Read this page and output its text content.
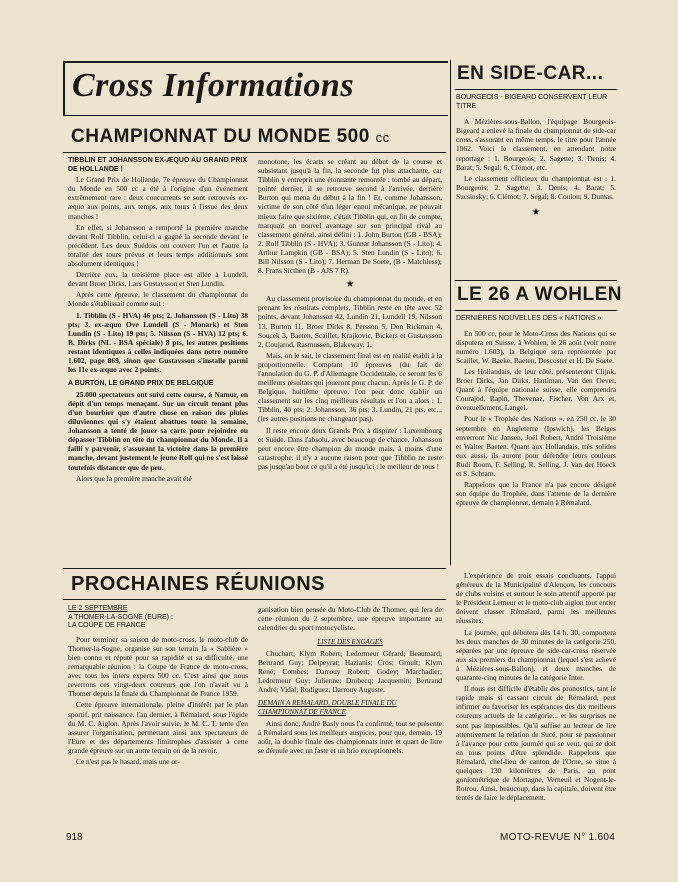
Cross Informations
CHAMPIONNAT DU MONDE 500 cc
TIBBLIN ET JOHANSSON EX-ÆQUO AU GRAND PRIX DE HOLLANDE !

Le Grand Prix de Hollande, 7e épreuve du Championnat du Monde en 500 cc a été à l'origine d'un événement extrêmement rare : deux concurrents se sont retrouvés ex-æquo aux points, aux temps, aux tours à l'issue des deux manches !

En effet, si Johansson a remporté la première manche devant Rolf Tibblin, celui-ci a gagné la seconde devant le précédent. Les deux Suédois ont couvert l'un et l'autre la totalité des tours prévus et leurs temps additionnés sont absolument identiques !

Derrière eux, la troisième place est allée à Lundell, devant Broer Dirks, Lars Gustavsson et Sten Lundin.

Après cette épreuve, le classement du championnat du Monde s'établissait comme suit :

1. Tibblin (S - HVA) 46 pts; 2. Johansson (S - Lito) 38 pts; 3. ex-æquo Ove Lundell (S - Monark) et Sten Lundin (S - Lito) 19 pts; 5. Nilsson (S - HVA) 12 pts; 6. B. Dirks (NL - BSA spéciale) 8 pts, les autres positions restant identiques à celles indiquées dans notre numéro 1.602, page 869, sinon que Gustavsson s'installe parmi les 11e ex-æquo avec 2 points.

A BURTON, LE GRAND PRIX DE BELGIQUE

25.000 spectateurs ont suivi cette course, à Namur, en dépit d'un temps menaçant. Sur un circuit tenant plus d'un bourbier que d'autre chose en raison des pluies diluviennes qui s'y étaient abattues toute la semaine, Johansson a tenté de jouer sa carte pour rejoindre ou dépasser Tibblin en tête du championnat du Monde. Il a failli y parvenir, s'assurant la victoire dans la première manche, devant justement le jeune Rolf qui ne s'est laissé toutefois distancer que de peu.

Alors que la première manche avait été

monotone, les écarts se créant au début de la course et subsistant jusqu'à la fin, la seconde fut plus attachante, car Tibblin y entreprit une étonnante remontée : tombé au départ, pointé dernier, il se retrouve second à l'arrivée, derrière Burton qui mena du début à la fin ! Et, comme Johansson, victime de son côté d'un léger ennui mécanique, ne pouvait mieux faire que sixième, c'était Tibblin qui, en fin de compte, marquait un nouvel avantage sur son principal rival au classement général, ainsi défini : 1. John Burton (GB - BSA); 2. Rolf Tibblin (S - HVA); 3. Gunnar Johansson (S - Lito); 4. Arthur Lampkin (GB - BSA); 5. Sten Lundin (S - Lito); 6. Bill Nilsson (S - Lito); 7. Herman De Soete, (B - Matchless); 8. Frans Sicthen (B - AJS 7 R).

★

Au classement provisoire du championnat du monde, et en prenant les résultats complets, Tibblin reste en tête avec 52 points, devant Johansson 42, Lundin 21, Lundell 19, Nilsson 13, Burton 11, Broer Dirks 8, Persson 5, Don Rickman 4, Soucek 3, Baeten, Scaillet, Krajkovic, Bickers et Gustavsson 2, Coujarod, Rasmussen, Blakeway, 1.

Mais, on le sait, le classement final est en réalité établi à la proportionnelle. Comptant 10 épreuves (du fait de l'annulation du G. P. d'Allemagne Occidentale, ce seront les 6 meilleurs résultats qui joueront pour chacun. Après le G. P. de Belgique, huitième épreuve, l'on peut donc établir un classement sur les cinq meilleurs résultats et l'on a alors : 1. Tibblin, 40 pts; 2. Johansson, 36 pts; 3. Lundin, 21 pts, etc... (les autres positions ne changeant pas).

Il reste encore deux Grands Prix à disputer : Luxembourg et Suède. Dans l'absolu, avec beaucoup de chance, Johansson peut encore être champion du monde mais, à moins d'une catastrophe, il n'y a aucune raison pour que Tibblin ne reste pas jusqu'au bout ce qu'il a été jusqu'ici : le meilleur de tous !

EN SIDE-CAR...
BOURGEOIS - BIGEARD CONSERVENT LEUR TITRE

A Mézières-sous-Ballon, l'équipage Bourgeois-Bigeard a enlevé la finale du championnat de side-car cross, s'assurant en même temps, le titre pour l'année 1962. Voici le classement, en attendant notre reportage : 1. Bourgeois; 2. Sagette; 3. Denis; 4. Barat; 5. Segal; 6. Clémot, etc.

Le classement officieux du championnat est : 1. Bourgeois; 2. Sagette; 3. Denis; 4. Barat; 5. Sucsinsky; 6. Clémot; 7. Segal; 8. Coulon; 9. Dumas.

★
LE 26 A WOHLEN
DERNIÈRES NOUVELLES DES « NATIONS »

En 500 cc, pour le Moto-Cross des Nations qui se disputera en Suisse, à Wohlen, le 26 août (voir notre numéro 1.603), la Belgique sera représentée par Scaillet, W. Baeke, Baeten, Descoster et H. De Soete.

Les Hollandais, de leur côté, présenteront Clijnk, Broer Dirks, Jan Dirks, Hartiman, Van den Oever, Quant à l'équipe nationale suisse, elle comprendra Courajod, Rapin, Thevenaz, Fischer, Von Arx et, éventuellement, Langel.

Pour le « Trophée des Nations », en 250 cc, le 30 septembre en Angleterre (Ipswich), les Belges enverront Nic Jansen, Joël Robert, André Troisième et Walter Baeten. Quant aux Hollandais, très solides eux aussi, ils auront pour défendre leurs couleurs Rudi Room, F. Selling, R. Selling, J. Van der Hoeck et S. Schram.

Rappelons que la France n'a pas encore désigné son équipe du Trophée, dans l'attente de la dernière épreuve de championnat, demain à Rémalard.

PROCHAINES RÉUNIONS
LE 2 SEPTEMBRE
A THOMER-LA-SOGNE (EURE) :
LA COUPE DE FRANCE

Pour terminer sa saison de moto-cross, le moto-club de Thomer-la-Sogne, organise sur son terrain la « Sablière » bien connu et réputé pour sa rapidité et sa difficulté, une remarquable réunion : la Coupe de France de moto-cross, avec tous les inters experts 500 cc. C'est ainsi que nous reverrons ces vingt-deux coureurs que l'on n'avait vu à Thomer depuis la finale du Championnat de France 1959.

Cette épreuve internationale, pleine d'intérêt par le plan sportif, prit naissance, l'an dernier, à Rémalard, sous l'égide du M. C. Aiglon. Après l'avoir suivie, le M. C. T. tente d'en assurer l'organisation, permettant ainsi aux spectateurs de l'Eure et des départements limitrophes d'assister à cette grande épreuve sur un autre terrain ou de la revoir.

Ce n'est pas le hasard, mais une or-

ganisation bien pensée du Moto-Club de Thomer, qui fera de cette réunion du 2 septembre, une épreuve importante au calendrier du sport motocycliste.

LISTE DES ENGAGES

Chuchart; Klym Robert; Ledormeur Gérard; Beaumard; Bertrand Guy; Delpeyrat; Hazianis; Cros; Groult; Klym René; Combes; Darrouy Robert; Godey; Marchadier; Ledormeur Guy; Julienne; Drobecq; Jacquemin; Bertrand André; Vidal; Rodiguez; Darrouy Auguste.

DEMAIN A REMALARD, DOUBLE FINALE DU CHAMPIONNAT DE FRANCE

Ainsi donc, André Basly nous l'a confirmé, tout se présente à Rémalard sous les meilleurs auspices, pour que, demain, 19 août, la double finale des championnats inter et quart de litre se déroule avec un faste et un brio exceptionnels.

L'expérience de trois essais concluants, l'appui généreux de la Municipalité d'Alençon, les concours de clubs voisins et surtout le soin attentif apporté par le Président Lemeur et le moto-club aiglon tout entier doivent classer Rémalard, parmi les meilleures réussites.

La journée, qui débutera dès 14 h. 30, comportera les deux manches de 30 minutes de la catégorie 250, séparées par une épreuve de side-car-cross réservée aux six premiers du championnat (lequel s'est achevé à Mézières-sous-Ballon), et deux manches de quarante-cinq minutes de la catégorie Inter.

Il nous est difficile d'établir des pronostics, tant le rapide mais si cassant circuit de Rémalard, peut infirmer ou favoriser les espérances des dix meilleurs coureurs actuels de la catégorie... et les surprises ne sont pas impossibles. Qu'il suffise au lecteur de lire attentivement la relation de Sucé, pour se passionner à l'avance pour cette journée qui se veut, qui se doit en tous points d'être splendide. Rappelons que Rémalard, chef-lieu de canton de l'Orne, se situe à quelques 130 kilomètres de Paris, au pont goniométrique de Mortagne, Verneuil et Nogent-le-Rotrou. Ainsi, beaucoup, dans la capitale, doivent être tentés de faire le déplacement.

918	MOTO-REVUE N° 1.604
